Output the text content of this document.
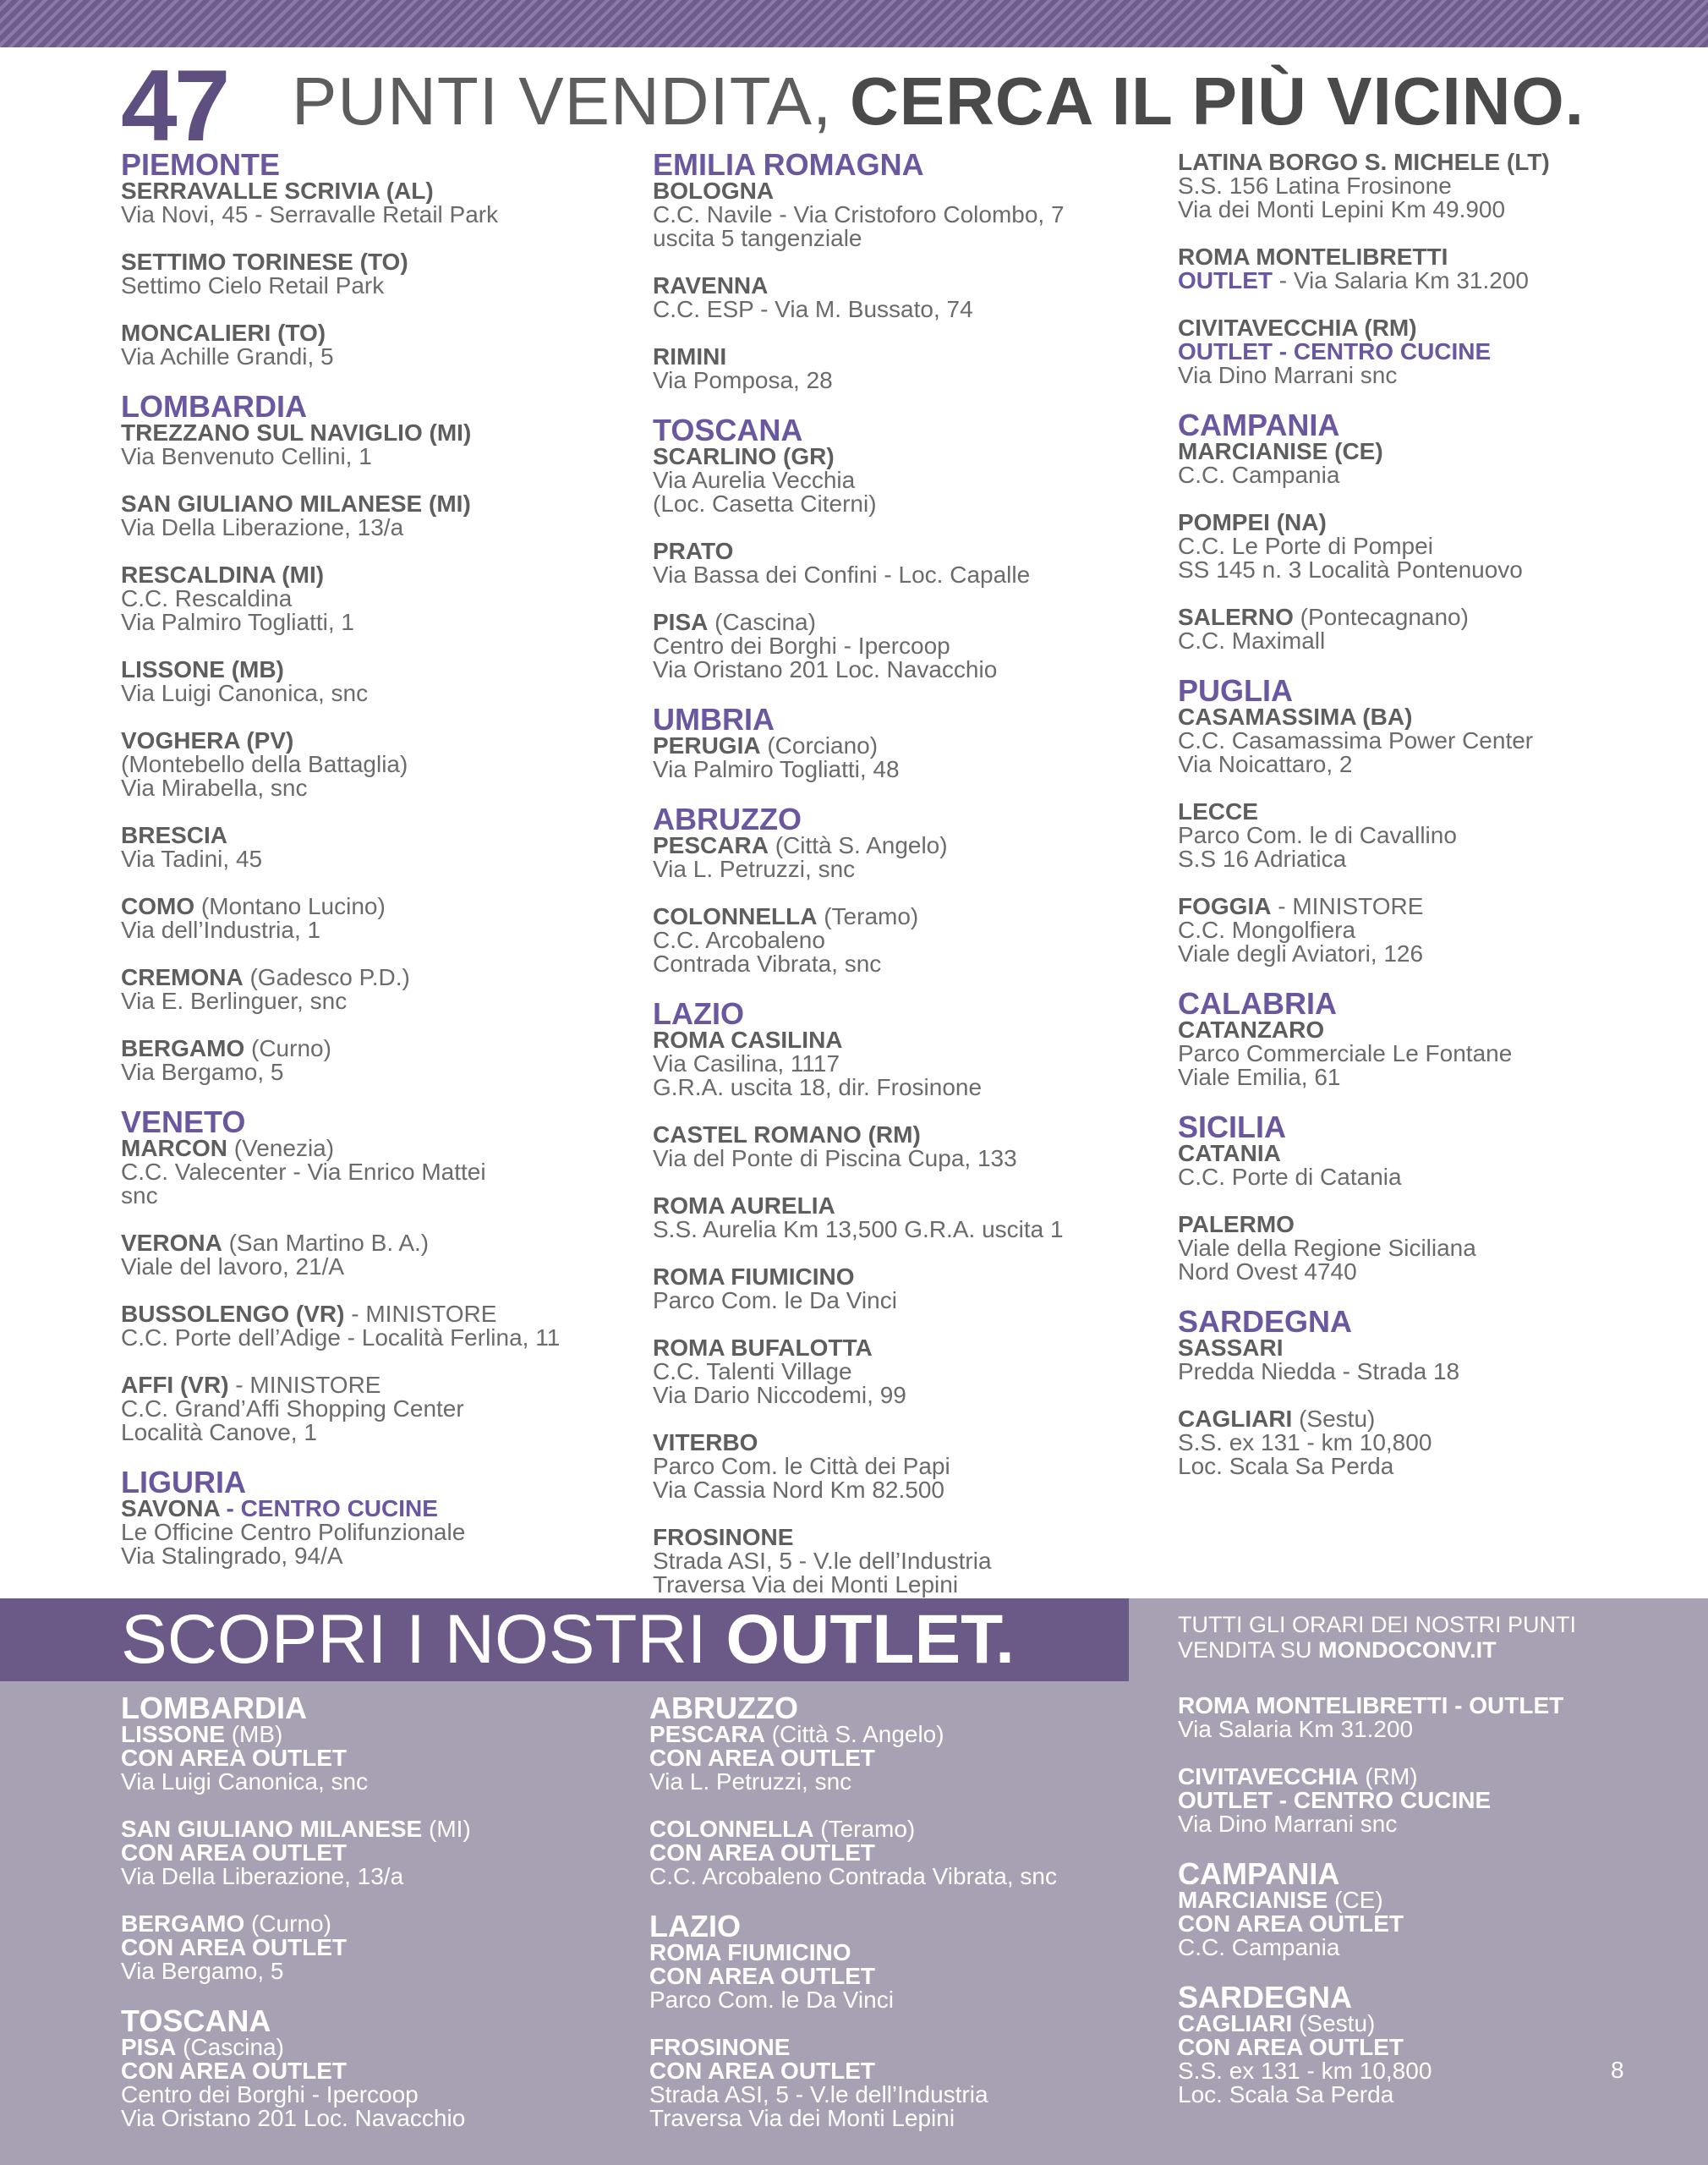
47 PUNTI VENDITA, CERCA IL PIÙ VICINO.
PIEMONTE
SERRAVALLE SCRIVIA (AL)
Via Novi, 45 - Serravalle Retail Park
SETTIMO TORINESE (TO)
Settimo Cielo Retail Park
MONCALIERI (TO)
Via Achille Grandi, 5
LOMBARDIA
TREZZANO SUL NAVIGLIO (MI)
Via Benvenuto Cellini, 1
SAN GIULIANO MILANESE (MI)
Via Della Liberazione, 13/a
RESCALDINA (MI)
C.C. Rescaldina
Via Palmiro Togliatti, 1
LISSONE (MB)
Via Luigi Canonica, snc
VOGHERA (PV)
(Montebello della Battaglia)
Via Mirabella, snc
BRESCIA
Via Tadini, 45
COMO (Montano Lucino)
Via dell’Industria, 1
CREMONA (Gadesco P.D.)
Via E. Berlinguer, snc
BERGAMO (Curno)
Via Bergamo, 5
VENETO
MARCON (Venezia)
C.C. Valecenter - Via Enrico Mattei
snc
VERONA (San Martino B. A.)
Viale del lavoro, 21/A
BUSSOLENGO (VR) - MINISTORE
C.C. Porte dell’Adige - Località Ferlina, 11
AFFI (VR) - MINISTORE
C.C. Grand’Affi Shopping Center
Località Canove, 1
LIGURIA
SAVONA - CENTRO CUCINE
Le Officine Centro Polifunzionale
Via Stalingrado, 94/A
EMILIA ROMAGNA
BOLOGNA
C.C. Navile - Via Cristoforo Colombo, 7
uscita 5 tangenziale
RAVENNA
C.C. ESP - Via M. Bussato, 74
RIMINI
Via Pomposa, 28
TOSCANA
SCARLINO (GR)
Via Aurelia Vecchia
(Loc. Casetta Citerni)
PRATO
Via Bassa dei Confini - Loc. Capalle
PISA (Cascina)
Centro dei Borghi - Ipercoop
Via Oristano 201 Loc. Navacchio
UMBRIA
PERUGIA (Corciano)
Via Palmiro Togliatti, 48
ABRUZZO
PESCARA (Città S. Angelo)
Via L. Petruzzi, snc
COLONNELLA (Teramo)
C.C. Arcobaleno
Contrada Vibrata, snc
LAZIO
ROMA CASILINA
Via Casilina, 1117
G.R.A. uscita 18, dir. Frosinone
CASTEL ROMANO (RM)
Via del Ponte di Piscina Cupa, 133
ROMA AURELIA
S.S. Aurelia Km 13,500 G.R.A. uscita 1
ROMA FIUMICINO
Parco Com. le Da Vinci
ROMA BUFALOTTA
C.C. Talenti Village
Via Dario Niccodemi, 99
VITERBO
Parco Com. le Città dei Papi
Via Cassia Nord Km 82.500
FROSINONE
Strada ASI, 5 - V.le dell’Industria
Traversa Via dei Monti Lepini
LATINA BORGO S. MICHELE (LT)
S.S. 156 Latina Frosinone
Via dei Monti Lepini Km 49.900
ROMA MONTELIBRETTI
OUTLET - Via Salaria Km 31.200
CIVITAVECCHIA (RM)
OUTLET - CENTRO CUCINE
Via Dino Marrani snc
CAMPANIA
MARCIANISE (CE)
C.C. Campania
POMPEI (NA)
C.C. Le Porte di Pompei
SS 145 n. 3 Località Pontenuovo
SALERNO (Pontecagnano)
C.C. Maximall
PUGLIA
CASAMASSIMA (BA)
C.C. Casamassima Power Center
Via Noicattaro, 2
LECCE
Parco Com. le di Cavallino
S.S 16 Adriatica
FOGGIA - MINISTORE
C.C. Mongolfiera
Viale degli Aviatori, 126
CALABRIA
CATANZARO
Parco Commerciale Le Fontane
Viale Emilia, 61
SICILIA
CATANIA
C.C. Porte di Catania
PALERMO
Viale della Regione Siciliana
Nord Ovest 4740
SARDEGNA
SASSARI
Predda Niedda - Strada 18
CAGLIARI (Sestu)
S.S. ex 131 - km 10,800
Loc. Scala Sa Perda
SCOPRI I NOSTRI OUTLET.	TUTTI GLI ORARI DEI NOSTRI PUNTI
VENDITA SU MONDOCONV.IT
LOMBARDIA
LISSONE (MB)
CON AREA OUTLET
Via Luigi Canonica, snc
SAN GIULIANO MILANESE (MI)
CON AREA OUTLET
Via Della Liberazione, 13/a
BERGAMO (Curno)
CON AREA OUTLET
Via Bergamo, 5
TOSCANA
PISA (Cascina)
CON AREA OUTLET
Centro dei Borghi - Ipercoop
Via Oristano 201 Loc. Navacchio
ABRUZZO
PESCARA (Città S. Angelo)
CON AREA OUTLET
Via L. Petruzzi, snc
COLONNELLA (Teramo)
CON AREA OUTLET
C.C. Arcobaleno Contrada Vibrata, snc
LAZIO
ROMA FIUMICINO
CON AREA OUTLET
Parco Com. le Da Vinci
FROSINONE
CON AREA OUTLET
Strada ASI, 5 - V.le dell’Industria
Traversa Via dei Monti Lepini
ROMA MONTELIBRETTI - OUTLET
Via Salaria Km 31.200
CIVITAVECCHIA (RM)
OUTLET - CENTRO CUCINE
Via Dino Marrani snc
CAMPANIA
MARCIANISE (CE)
CON AREA OUTLET
C.C. Campania
SARDEGNA
CAGLIARI (Sestu)
CON AREA OUTLET
S.S. ex 131 - km 10,800
Loc. Scala Sa Perda
8
